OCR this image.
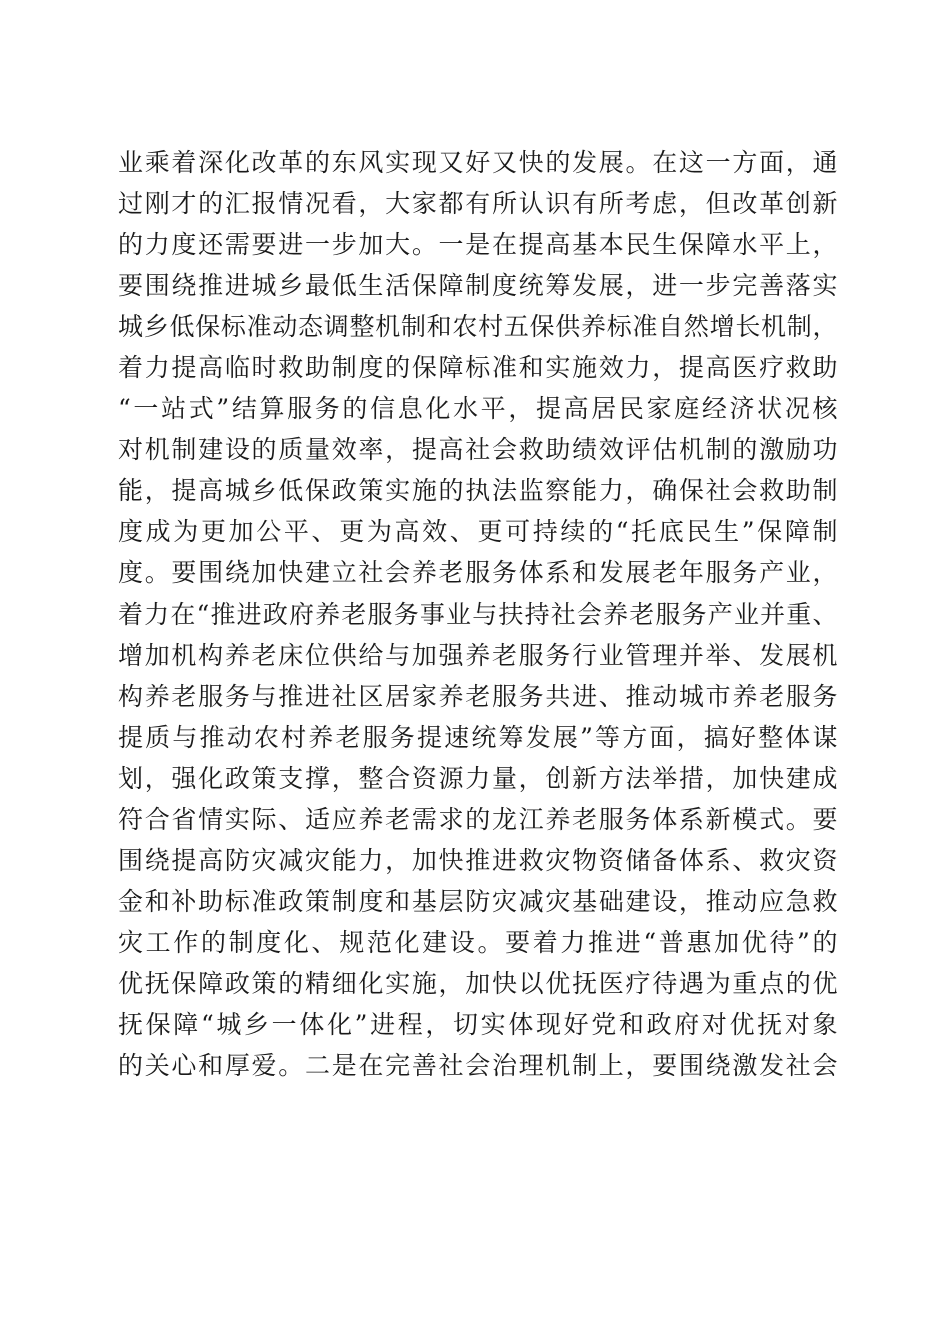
业乘着深化改革的东风实现又好又快的发展。在这一方面，通
过刚才的汇报情况看，大家都有所认识有所考虑，但改革创新
的力度还需要进一步加大。一是在提高基本民生保障水平上，
要围绕推进城乡最低生活保障制度统筹发展，进一步完善落实
城乡低保标准动态调整机制和农村五保供养标准自然增长机制，
着力提高临时救助制度的保障标准和实施效力，提高医疗救助
“一站式”结算服务的信息化水平，提高居民家庭经济状况核
对机制建设的质量效率，提高社会救助绩效评估机制的激励功
能，提高城乡低保政策实施的执法监察能力，确保社会救助制
度成为更加公平、更为高效、更可持续的“托底民生”保障制
度。要围绕加快建立社会养老服务体系和发展老年服务产业，
着力在“推进政府养老服务事业与扶持社会养老服务产业并重、
增加机构养老床位供给与加强养老服务行业管理并举、发展机
构养老服务与推进社区居家养老服务共进、推动城市养老服务
提质与推动农村养老服务提速统筹发展”等方面，搞好整体谋
划，强化政策支撑，整合资源力量，创新方法举措，加快建成
符合省情实际、适应养老需求的龙江养老服务体系新模式。要
围绕提高防灾减灾能力，加快推进救灾物资储备体系、救灾资
金和补助标准政策制度和基层防灾减灾基础建设，推动应急救
灾工作的制度化、规范化建设。要着力推进“普惠加优待”的
优抚保障政策的精细化实施，加快以优抚医疗待遇为重点的优
抚保障“城乡一体化”进程，切实体现好党和政府对优抚对象
的关心和厚爱。二是在完善社会治理机制上，要围绕激发社会
